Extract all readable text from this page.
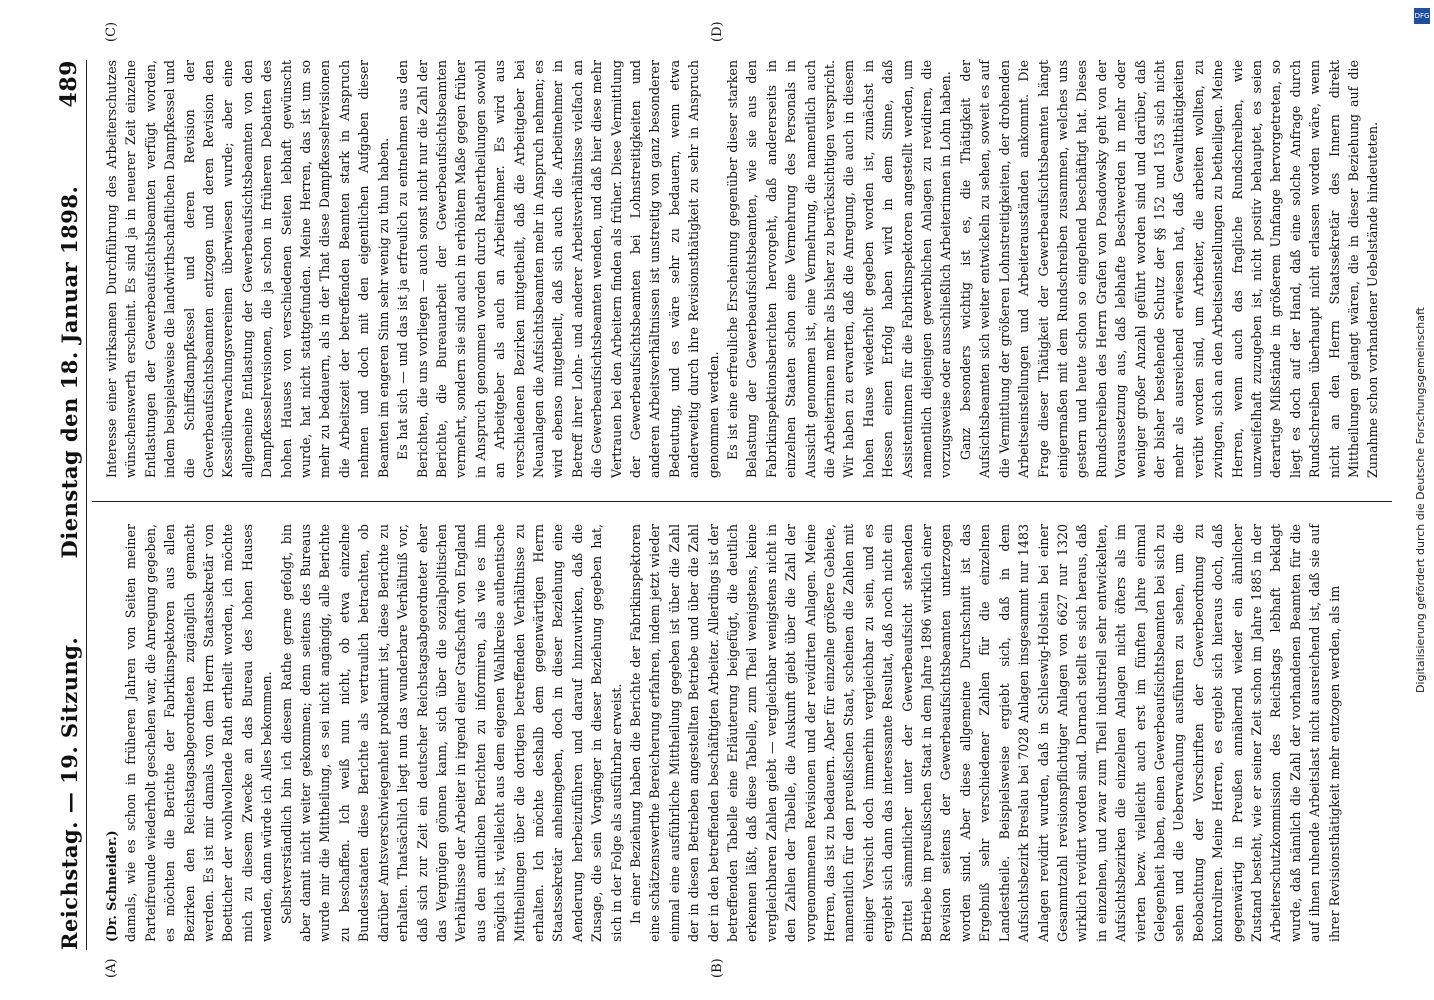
Reichstag. — 19. Sitzung.
Dienstag den 18. Januar 1898.
489
(A)	(B)
(C)	(D)

(Dr. Schneider.) damals, wie es schon in früheren Jahren von Seiten meiner Parteifreunde wiederholt geschehen war, die Anregung gegeben, es möchten die Berichte der Fabrikinspektoren aus allen Bezirken den Reichstagsabgeordneten zugänglich gemacht werden. Es ist mir damals von dem Herrn Staatssekretär von Boetticher der wohlwollende Rath ertheilt worden, ich möchte mich zu diesem Zwecke an das Bureau des hohen Hauses wenden, dann würde ich Alles bekommen. Selbstverständlich bin ich diesem Rathe gerne gefolgt, bin aber damit nicht weiter gekommen; denn seitens des Bureaus wurde mir die Mittheilung, es sei nicht angängig, alle Berichte zu beschaffen. Ich weiß nun nicht, ob etwa einzelne Bundesstaaten diese Berichte als vertraulich betrachten, ob darüber Amtsverschwiegenheit proklamirt ist, diese Berichte zu erhalten. Thatsächlich liegt nun das wunderbare Verhältniß vor, daß sich zur Zeit ein deutscher Reichstagsabgeordneter eher das Vergnügen gönnen kann, sich über die sozialpolitischen Verhältnisse der Arbeiter in irgend einer Grafschaft von England aus den amtlichen Berichten zu informiren, als wie es ihm möglich ist, vielleicht aus dem eigenen Wahlkreise authentische Mittheilungen über die dortigen betreffenden Verhältnisse zu erhalten. Ich möchte deshalb dem gegenwärtigen Herrn Staatssekretär anheimgeben, doch in dieser Beziehung eine Aenderung herbeizuführen und darauf hinzuwirken, daß die Zusage, die sein Vorgänger in dieser Beziehung gegeben hat, sich in der Folge als ausführbar erweist. In einer Beziehung haben die Berichte der Fabrikinspektoren eine schätzenswerthe Bereicherung erfahren, indem jetzt wieder einmal eine ausführliche Mittheilung gegeben ist über die Zahl der in diesen Betrieben angestellten Betriebe und über die Zahl der in den betreffenden beschäftigten Arbeiter. Allerdings ist der betreffenden Tabelle eine Erläuterung beigefügt, die deutlich erkennen läßt, daß diese Tabelle, zum Theil wenigstens, keine vergleichbaren Zahlen giebt — vergleichbar wenigstens nicht in den Zahlen der Tabelle, die Auskunft giebt über die Zahl der vorgenommenen Revisionen und der revidirten Anlagen. Meine Herren, das ist zu bedauern. Aber für einzelne größere Gebiete, namentlich für den preußischen Staat, scheinen die Zahlen mit einiger Vorsicht doch immerhin vergleichbar zu sein, und es ergiebt sich dann das interessante Resultat, daß noch nicht ein Drittel sämmtlicher unter der Gewerbeaufsicht stehenden Betriebe im preußischen Staat in dem Jahre 1896 wirklich einer Revision seitens der Gewerbeaufsichtsbeamten unterzogen worden sind. Aber diese allgemeine Durchschnitt ist das Ergebniß sehr verschiedener Zahlen für die einzelnen Landestheile. Beispielsweise ergiebt sich, daß in dem Aufsichtsbezirk Breslau bei 7028 Anlagen insgesammt nur 1483 Anlagen revidirt wurden, daß in Schleswig-Holstein bei einer Gesammtzahl revisionspflichtiger Anlagen von 6627 nur 1320 wirklich revidirt worden sind. Darnach stellt es sich heraus, daß in einzelnen, und zwar zum Theil industriell sehr entwickelten, Aufsichtsbezirken die einzelnen Anlagen nicht öfters als im vierten bezw. vielleicht auch erst im fünften Jahre einmal Gelegenheit haben, einen Gewerbeaufsichtsbeamten bei sich zu sehen und die Ueberwachung ausführen zu sehen, um die Beobachtung der Vorschriften der Gewerbeordnung zu kontroliren. Meine Herren, es ergiebt sich hieraus doch, daß gegenwärtig in Preußen annähernd wieder ein ähnlicher Zustand besteht, wie er seiner Zeit schon im Jahre 1885 in der Arbeiterschutzkommission des Reichstags lebhaft beklagt wurde, daß nämlich die Zahl der vorhandenen Beamten für die auf ihnen ruhende Arbeitslast nicht ausreichend ist, daß sie auf ihrer Revisionsthätigkeit mehr entzogen werden, als im

Interesse einer wirksamen Durchführung des Arbeiterschutzes wünschenswerth erscheint. Es sind ja in neuerer Zeit einzelne Entlastungen der Gewerbeaufsichtsbeamten verfügt worden, indem beispielsweise die landwirthschaftlichen Dampfkessel und die Schiffsdampfkessel und deren Revision der Gewerbeaufsichtsbeamten entzogen und deren Revision den Kesselüberwachungsvereinen überwiesen wurde; aber eine allgemeine Entlastung der Gewerbeaufsichtsbeamten von den Dampfkesselrevisionen, die ja schon in früheren Debatten des hohen Hauses von verschiedenen Seiten lebhaft gewünscht wurde, hat nicht stattgefunden. Meine Herren, das ist um so mehr zu bedauern, als in der That diese Dampfkesselrevisionen die Arbeitszeit der betreffenden Beamten stark in Anspruch nehmen und doch mit den eigentlichen Aufgaben dieser Beamten im engeren Sinn sehr wenig zu thun haben. Es hat sich — und das ist ja erfreulich zu entnehmen aus den Berichten, die uns vorliegen — auch sonst nicht nur die Zahl der Berichte, die Bureauarbeit der Gewerbeaufsichtsbeamten vermehrt, sondern sie sind auch in erhöhtem Maße gegen früher in Anspruch genommen worden durch Rathertheilungen sowohl an Arbeitgeber als auch an Arbeitnehmer. Es wird aus verschiedenen Bezirken mitgetheilt, daß die Arbeitgeber bei Neuanlagen die Aufsichtsbeamten mehr in Anspruch nehmen; es wird ebenso mitgetheilt, daß sich auch die Arbeitnehmer in Betreff ihrer Lohn- und anderer Arbeitsverhältnisse vielfach an die Gewerbeaufsichtsbeamten wenden, und daß hier diese mehr Vertrauen bei den Arbeitern finden als früher. Diese Vermittlung der Gewerbeaufsichtsbeamten bei Lohnstreitigkeiten und anderen Arbeitsverhältnissen ist unstreitig von ganz besonderer Bedeutung, und es wäre sehr zu bedauern, wenn etwa anderweitig durch ihre Revisionsthätigkeit zu sehr in Anspruch genommen werden. Es ist eine erfreuliche Erscheinung gegenüber dieser starken Belastung der Gewerbeaufsichtsbeamten, wie sie aus den Fabrikinspektionsberichten hervorgeht, daß andererseits in einzelnen Staaten schon eine Vermehrung des Personals in Aussicht genommen ist, eine Vermehrung, die namentlich auch die Arbeiterinnen mehr als bisher zu berücksichtigen verspricht. Wir haben zu erwarten, daß die Anregung, die auch in diesem hohen Hause wiederholt gegeben worden ist, zunächst in Hessen einen Erfolg haben wird in dem Sinne, daß Assistentinnen für die Fabrikinspektoren angestellt werden, um namentlich diejenigen gewerblichen Anlagen zu revidiren, die vorzugsweise oder ausschließlich Arbeiterinnen in Lohn haben. Ganz besonders wichtig ist es, die Thätigkeit der Aufsichtsbeamten sich weiter entwickeln zu sehen, soweit es auf die Vermittlung der größeren Lohnstreitigkeiten, der drohenden Arbeitseinstellungen und Arbeiterausständen ankommt. Die Frage dieser Thätigkeit der Gewerbeaufsichtsbeamten hängt einigermaßen mit dem Rundschreiben zusammen, welches uns gestern und heute schon so eingehend beschäftigt hat. Dieses Rundschreiben des Herrn Grafen von Posadowsky geht von der Voraussetzung aus, daß lebhafte Beschwerden in mehr oder weniger großer Anzahl geführt worden sind und darüber, daß der bisher bestehende Schutz der §§ 152 und 153 sich nicht mehr als ausreichend erwiesen hat, daß Gewaltthätigkeiten verübt worden sind, um Arbeiter, die arbeiten wollten, zu zwingen, sich an den Arbeitseinstellungen zu betheiligen. Meine Herren, wenn auch das fragliche Rundschreiben, wie unzweifelhaft zuzugeben ist, nicht positiv behauptet, es seien derartige Mißstände in größerem Umfange hervorgetreten, so liegt es doch auf der Hand, daß eine solche Anfrage durch Rundschreiben überhaupt nicht erlassen worden wäre, wenn nicht an den Herrn Staatssekretär des Innern direkt Mittheilungen gelangt wären, die in dieser Beziehung auf die Zunahme schon vorhandener Uebelstände hindeuteten.

Digitalisierung gefördert durch die Deutsche Forschungsgemeinschaft
DFG
